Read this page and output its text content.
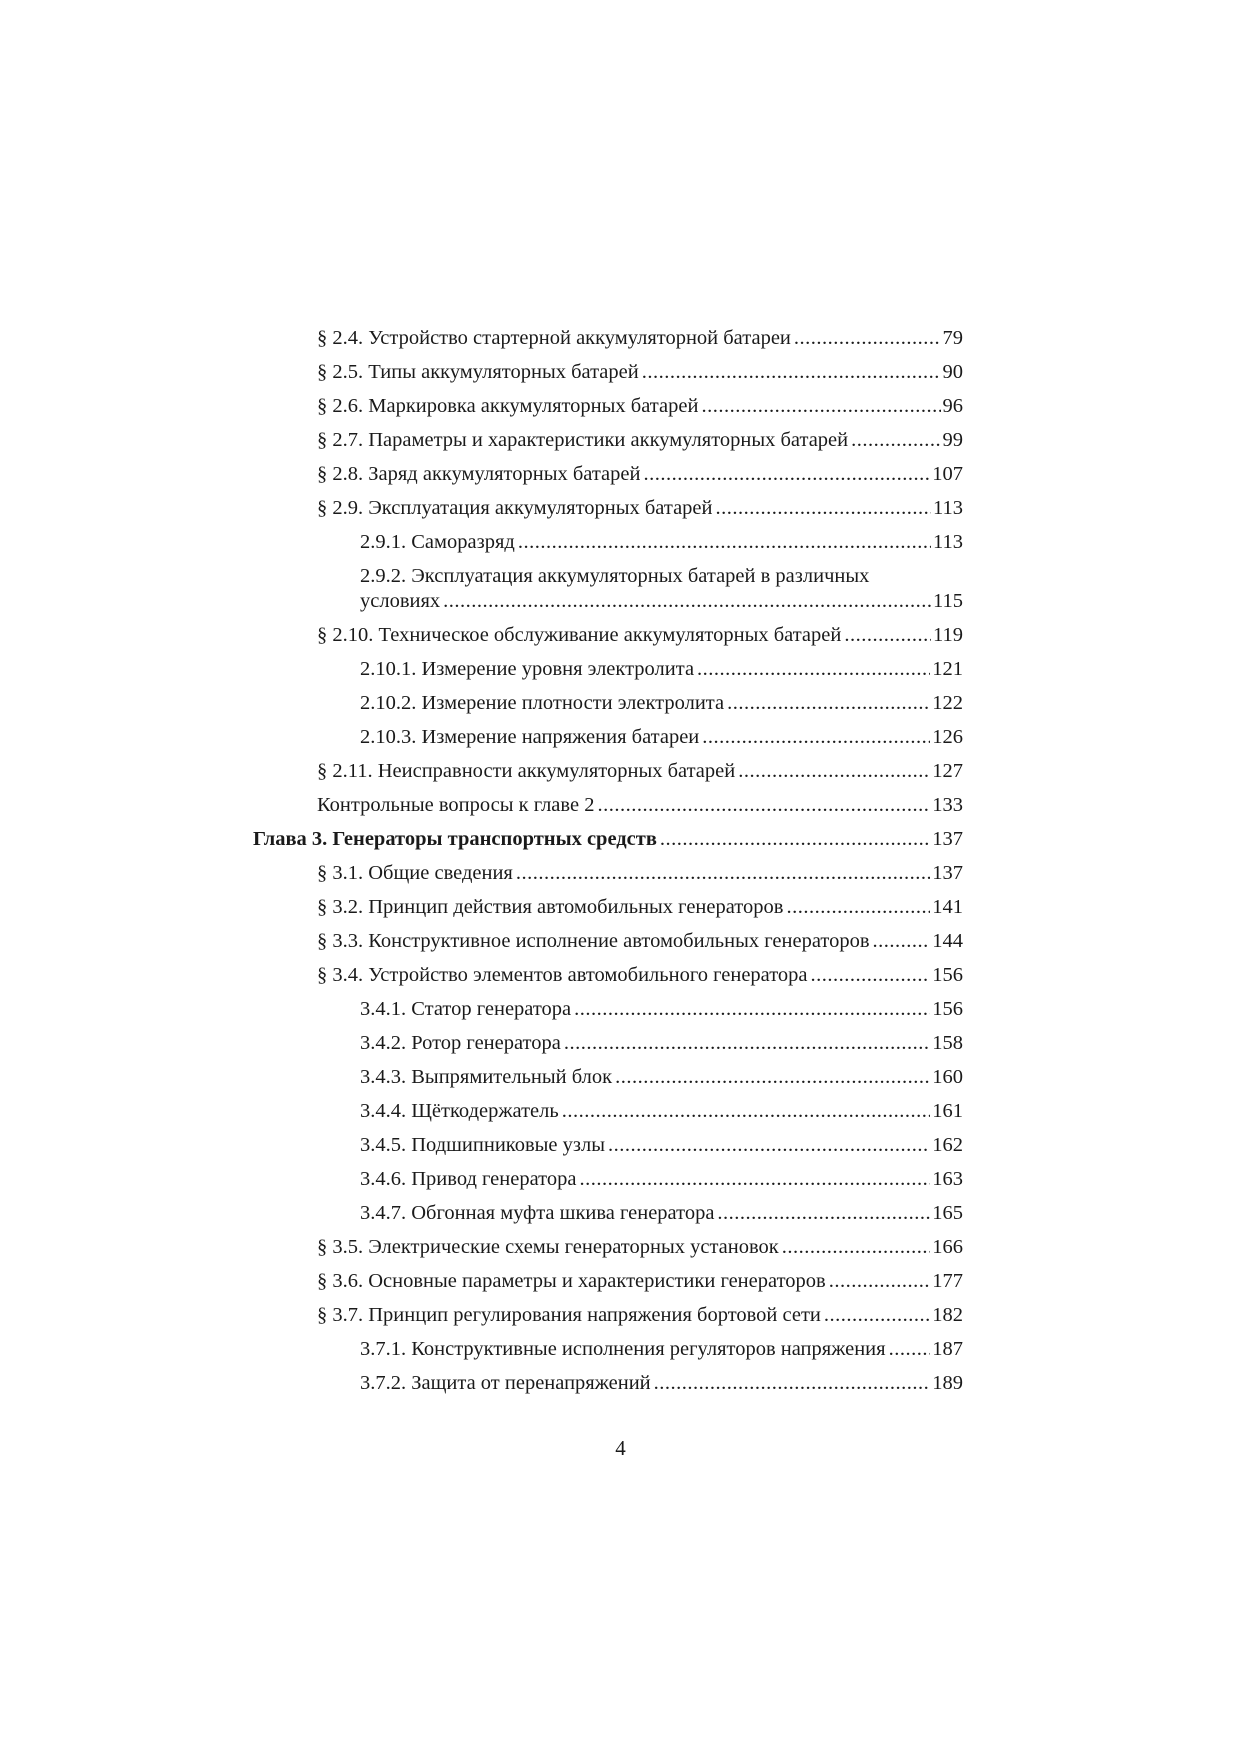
§ 2.4. Устройство стартерной аккумуляторной батареи .....	79
§ 2.5. Типы аккумуляторных батарей .....	90
§ 2.6. Маркировка аккумуляторных батарей .....	96
§ 2.7. Параметры и характеристики аккумуляторных батарей .....	99
§ 2.8. Заряд аккумуляторных батарей .....	107
§ 2.9. Эксплуатация аккумуляторных батарей .....	113
2.9.1. Саморазряд .....	113
2.9.2. Эксплуатация аккумуляторных батарей в различных
условиях .....	115
§ 2.10. Техническое обслуживание аккумуляторных батарей .....	119
2.10.1. Измерение уровня электролита .....	121
2.10.2. Измерение плотности электролита .....	122
2.10.3. Измерение напряжения батареи .....	126
§ 2.11. Неисправности аккумуляторных батарей .....	127
Контрольные вопросы к главе 2 .....	133
Глава 3. Генераторы транспортных средств .....	137
§ 3.1. Общие сведения .....	137
§ 3.2. Принцип действия автомобильных генераторов .....	141
§ 3.3. Конструктивное исполнение автомобильных генераторов .....	144
§ 3.4. Устройство элементов автомобильного генератора .....	156
3.4.1. Статор генератора .....	156
3.4.2. Ротор генератора .....	158
3.4.3. Выпрямительный блок .....	160
3.4.4. Щёткодержатель .....	161
3.4.5. Подшипниковые узлы .....	162
3.4.6. Привод генератора .....	163
3.4.7. Обгонная муфта шкива генератора .....	165
§ 3.5. Электрические схемы генераторных установок .....	166
§ 3.6. Основные параметры и характеристики генераторов .....	177
§ 3.7. Принцип регулирования напряжения бортовой сети .....	182
3.7.1. Конструктивные исполнения регуляторов напряжения ..... 187
3.7.2. Защита от перенапряжений .....	189
4
